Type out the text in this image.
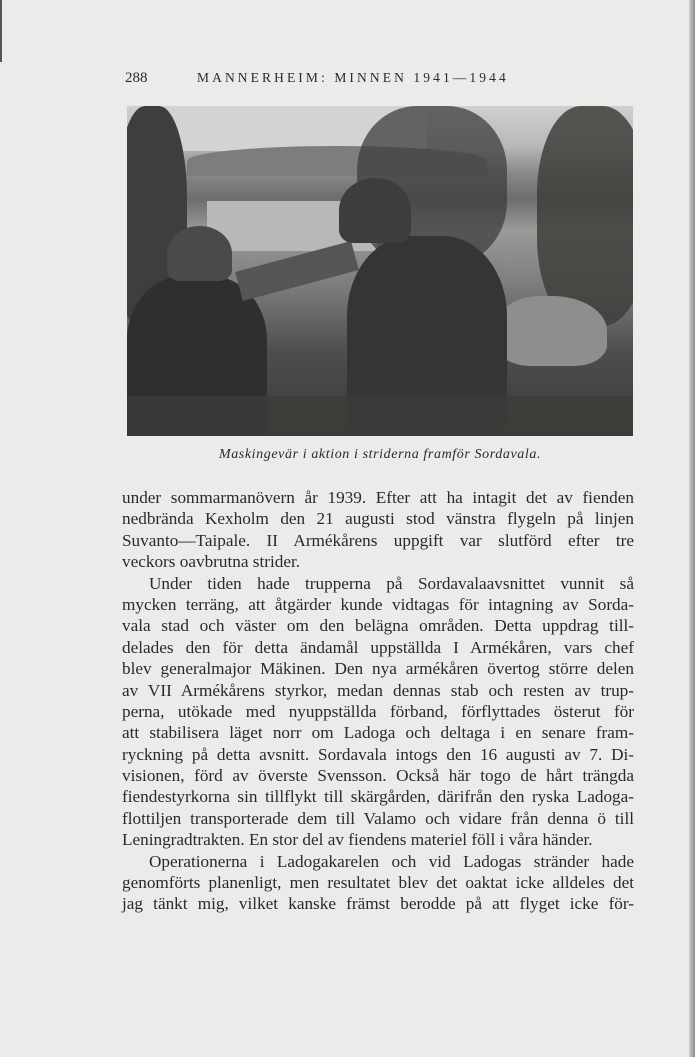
288	MANNERHEIM: MINNEN 1941—1944
Maskingevär i aktion i striderna framför Sordavala.
under sommarmanövern år 1939. Efter att ha intagit det av fienden
nedbrända Kexholm den 21 augusti stod vänstra flygeln på linjen
Suvanto—Taipale. II Armékårens uppgift var slutförd efter tre
veckors oavbrutna strider.
Under tiden hade trupperna på Sordavalaavsnittet vunnit så
mycken terräng, att åtgärder kunde vidtagas för intagning av Sorda-
vala stad och väster om den belägna områden. Detta uppdrag till-
delades den för detta ändamål uppställda I Armékåren, vars chef
blev generalmajor Mäkinen. Den nya armékåren övertog större delen
av VII Armékårens styrkor, medan dennas stab och resten av trup-
perna, utökade med nyuppställda förband, förflyttades österut för
att stabilisera läget norr om Ladoga och deltaga i en senare fram-
ryckning på detta avsnitt. Sordavala intogs den 16 augusti av 7. Di-
visionen, förd av överste Svensson. Också här togo de hårt trängda
fiendestyrkorna sin tillflykt till skärgården, därifrån den ryska Ladoga-
flottiljen transporterade dem till Valamo och vidare från denna ö till
Leningradtrakten. En stor del av fiendens materiel föll i våra händer.
Operationerna i Ladogakarelen och vid Ladogas stränder hade
genomförts planenligt, men resultatet blev det oaktat icke alldeles det
jag tänkt mig, vilket kanske främst berodde på att flyget icke för-
